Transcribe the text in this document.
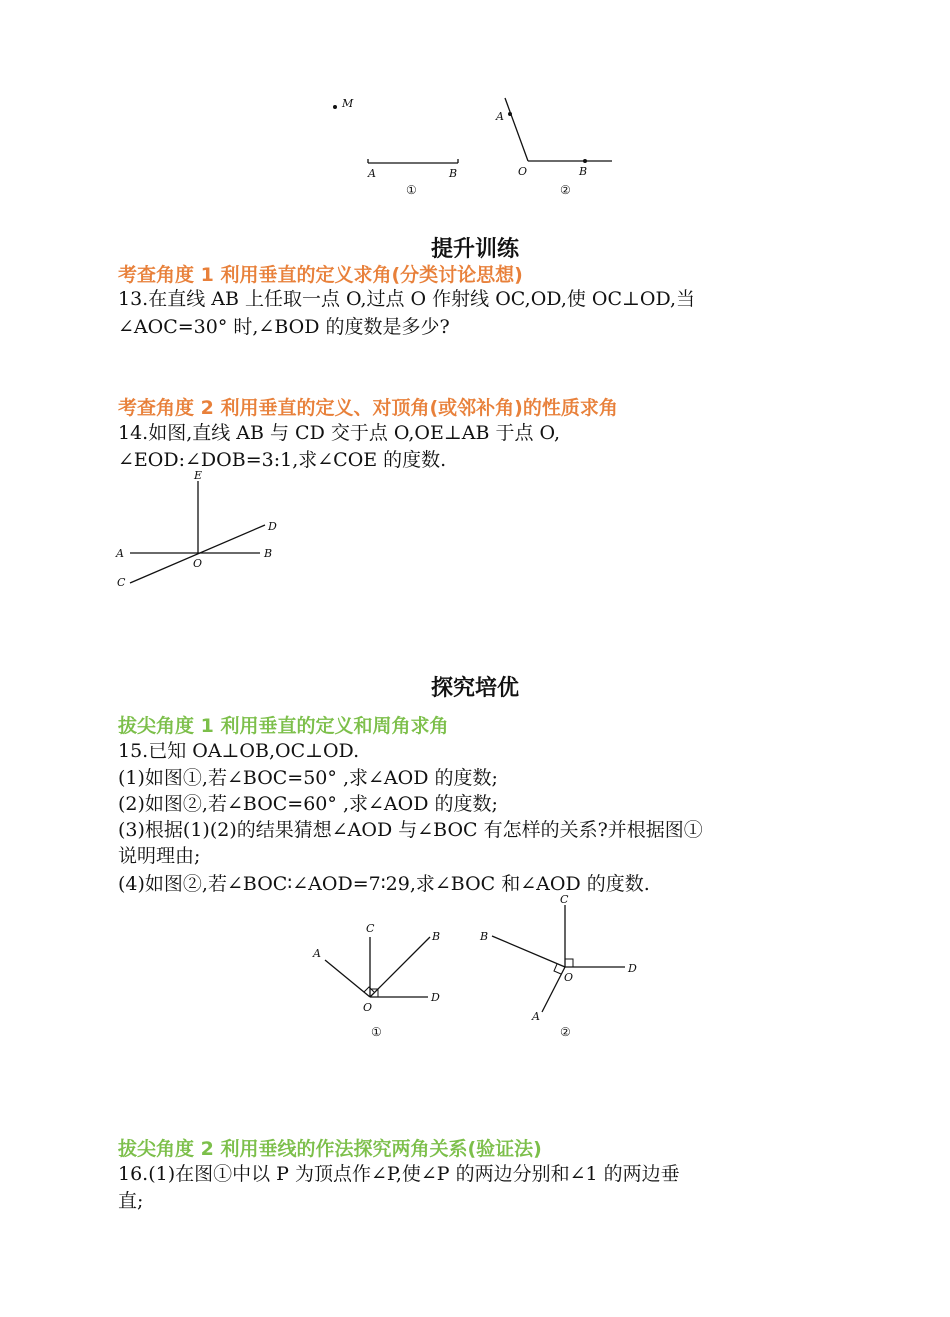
M
A	B
①
A
O	B
②
提升训练
考查角度 1 利用垂直的定义求角(分类讨论思想)
13.在直线 AB 上任取一点 O,过点 O 作射线 OC,OD,使 OC⊥OD,当
∠AOC=30° 时,∠BOD 的度数是多少?
考查角度 2 利用垂直的定义、对顶角(或邻补角)的性质求角
14.如图,直线 AB 与 CD 交于点 O,OE⊥AB 于点 O,
∠EOD:∠DOB=3:1,求∠COE 的度数.
E
D
A
O
B
C
探究培优
拔尖角度 1 利用垂直的定义和周角求角
15.已知 OA⊥OB,OC⊥OD.
(1)如图①,若∠BOC=50° ,求∠AOD 的度数;
(2)如图②,若∠BOC=60° ,求∠AOD 的度数;
(3)根据(1)(2)的结果猜想∠AOD 与∠BOC 有怎样的关系?并根据图①
说明理由;
(4)如图②,若∠BOC∶∠AOD=7∶29,求∠BOC 和∠AOD 的度数.
A
C
B
O
D
①
C
B
O
D
A
②
拔尖角度 2 利用垂线的作法探究两角关系(验证法)
16.(1)在图①中以 P 为顶点作∠P,使∠P 的两边分别和∠1 的两边垂
直;
